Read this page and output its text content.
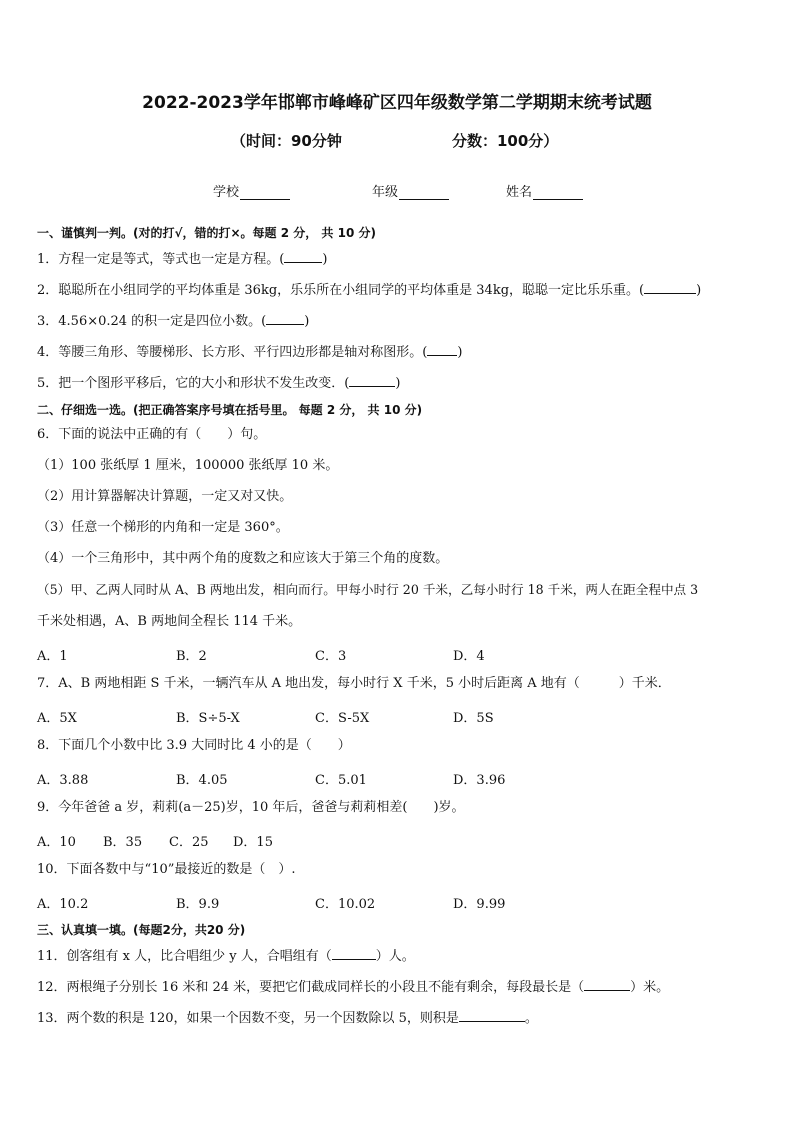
2022-2023学年邯郸市峰峰矿区四年级数学第二学期期末统考试题
（时间：90分钟	分数：100分）
学校	年级	姓名
一、谨慎判一判。(对的打√，错的打×。每题 2 分， 共 10 分)
1．方程一定是等式，等式也一定是方程。(	)
2．聪聪所在小组同学的平均体重是 36kg，乐乐所在小组同学的平均体重是 34kg，聪聪一定比乐乐重。(	)
3．4.56×0.24 的积一定是四位小数。(	)
4．等腰三角形、等腰梯形、长方形、平行四边形都是轴对称图形。( )
5．把一个图形平移后，它的大小和形状不发生改变．(	)
二、仔细选一选。(把正确答案序号填在括号里。 每题 2 分， 共 10 分)
6．下面的说法中正确的有（　　）句。
（1）100 张纸厚 1 厘米，100000 张纸厚 10 米。
（2）用计算器解决计算题，一定又对又快。
（3）任意一个梯形的内角和一定是 360°。
（4）一个三角形中，其中两个角的度数之和应该大于第三个角的度数。
（5）甲、乙两人同时从 A、B 两地出发，相向而行。甲每小时行 20 千米，乙每小时行 18 千米，两人在距全程中点 3
千米处相遇，A、B 两地间全程长 114 千米。
A．1	B．2	C．3	D．4
7．A、B 两地相距 S 千米，一辆汽车从 A 地出发，每小时行 X 千米，5 小时后距离 A 地有（　　　）千米．
A．5X	B．S÷5-X	C．S-5X	D．5S
8．下面几个小数中比 3.9 大同时比 4 小的是（　　）
A．3.88	B．4.05	C．5.01	D．3.96
9．今年爸爸 a 岁，莉莉(a－25)岁，10 年后，爸爸与莉莉相差(　　)岁。
A．10 B．35 C．25 D．15
10．下面各数中与“10”最接近的数是（　）.
A．10.2	B．9.9	C．10.02	D．9.99
三、认真填一填。(每题2分，共20 分)
11．创客组有 x 人，比合唱组少 y 人，合唱组有（	）人。
12．两根绳子分别长 16 米和 24 米，要把它们截成同样长的小段且不能有剩余，每段最长是（	）米。
13．两个数的积是 120，如果一个因数不变，另一个因数除以 5，则积是	。
